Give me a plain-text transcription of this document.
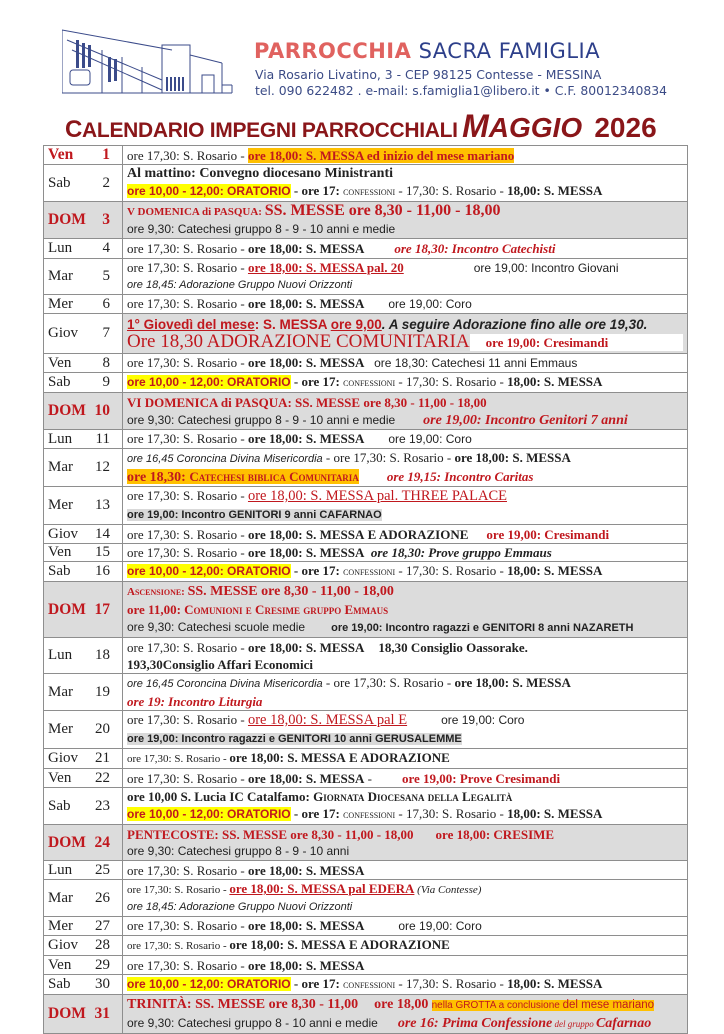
PARROCCHIA SACRA FAMIGLIA
Via Rosario Livatino, 3 - CEP 98125 Contesse - MESSINA
tel. 090 622482 . e-mail: s.famiglia1@libero.it • C.F. 80012340834
CALENDARIO IMPEGNI PARROCCHIALI MAGGIO 2026
Ven 1	ore 17,30: S. Rosario - ore 18,00: S. MESSA ed inizio del mese mariano

Sab 2	Al mattino: Convegno diocesano Ministranti
ore 10,00 - 12,00: ORATORIO - ore 17: confessioni - 17,30: S. Rosario - 18,00: S. MESSA

DOM 3	V DOMENICA di PASQUA: SS. MESSE ore 8,30 - 11,00 - 18,00
ore 9,30: Catechesi gruppo 8 - 9 - 10 anni e medie

Lun 4	ore 17,30: S. Rosario - ore 18,00: S. MESSA ore 18,30: Incontro Catechisti

Mar 5	ore 17,30: S. Rosario - ore 18,00: S. MESSA pal. 20 ore 19,00: Incontro Giovani
ore 18,45: Adorazione Gruppo Nuovi Orizzonti

Mer 6	ore 17,30: S. Rosario - ore 18,00: S. MESSA ore 19,00: Coro

Giov 7	1° Giovedì del mese: S. MESSA ore 9,00. A seguire Adorazione fino alle ore 19,30.
Ore 18,30 ADORAZIONE COMUNITARIA ore 19,00: Cresimandi

Ven 8	ore 17,30: S. Rosario - ore 18,00: S. MESSA ore 18,30: Catechesi 11 anni Emmaus

Sab 9	ore 10,00 - 12,00: ORATORIO - ore 17: confessioni - 17,30: S. Rosario - 18,00: S. MESSA

DOM 10	VI DOMENICA di PASQUA: SS. MESSE ore 8,30 - 11,00 - 18,00
ore 9,30: Catechesi gruppo 8 - 9 - 10 anni e medie ore 19,00: Incontro Genitori 7 anni

Lun 11	ore 17,30: S. Rosario - ore 18,00: S. MESSA ore 19,00: Coro

Mar 12	ore 16,45 Coroncina Divina Misericordia - ore 17,30: S. Rosario - ore 18,00: S. MESSA
ore 18,30: Catechesi biblica Comunitaria ore 19,15: Incontro Caritas

Mer 13	ore 17,30: S. Rosario - ore 18,00: S. MESSA pal. THREE PALACE
ore 19,00: Incontro GENITORI 9 anni CAFARNAO

Giov 14	ore 17,30: S. Rosario - ore 18,00: S. MESSA E ADORAZIONE ore 19,00: Cresimandi

Ven 15	ore 17,30: S. Rosario - ore 18,00: S. MESSA ore 18,30: Prove gruppo Emmaus

Sab 16	ore 10,00 - 12,00: ORATORIO - ore 17: confessioni - 17,30: S. Rosario - 18,00: S. MESSA

DOM 17	Ascensione: SS. MESSE ore 8,30 - 11,00 - 18,00
ore 11,00: Comunioni e Cresime gruppo Emmaus
ore 9,30: Catechesi scuole medie ore 19,00: Incontro ragazzi e GENITORI 8 anni NAZARETH

Lun 18	ore 17,30: S. Rosario - ore 18,00: S. MESSA 18,30 Consiglio Oassorake.
193,30Consiglio Affari Economici

Mar 19	ore 16,45 Coroncina Divina Misericordia - ore 17,30: S. Rosario - ore 18,00: S. MESSA
ore 19: Incontro Liturgia

Mer 20	ore 17,30: S. Rosario - ore 18,00: S. MESSA pal E ore 19,00: Coro
ore 19,00: Incontro ragazzi e GENITORI 10 anni GERUSALEMME

Giov 21	ore 17,30: S. Rosario - ore 18,00: S. MESSA E ADORAZIONE

Ven 22	ore 17,30: S. Rosario - ore 18,00: S. MESSA - ore 19,00: Prove Cresimandi

Sab 23	ore 10,00 S. Lucia IC Catalfamo: Giornata Diocesana della Legalità
ore 10,00 - 12,00: ORATORIO - ore 17: confessioni - 17,30: S. Rosario - 18,00: S. MESSA

DOM 24	PENTECOSTE: SS. MESSE ore 8,30 - 11,00 - 18,00 ore 18,00: CRESIME
ore 9,30: Catechesi gruppo 8 - 9 - 10 anni

Lun 25	ore 17,30: S. Rosario - ore 18,00: S. MESSA

Mar 26	ore 17,30: S. Rosario - ore 18,00: S. MESSA pal EDERA (Via Contesse)
ore 18,45: Adorazione Gruppo Nuovi Orizzonti

Mer 27	ore 17,30: S. Rosario - ore 18,00: S. MESSA ore 19,00: Coro

Giov 28	ore 17,30: S. Rosario - ore 18,00: S. MESSA E ADORAZIONE

Ven 29	ore 17,30: S. Rosario - ore 18,00: S. MESSA

Sab 30	ore 10,00 - 12,00: ORATORIO - ore 17: confessioni - 17,30: S. Rosario - 18,00: S. MESSA

DOM 31	TRINITÀ: SS. MESSE ore 8,30 - 11,00 ore 18,00 nella GROTTA a conclusione del mese mariano
ore 9,30: Catechesi gruppo 8 - 10 anni e medie ore 16: Prima Confessione del gruppo Cafarnao
